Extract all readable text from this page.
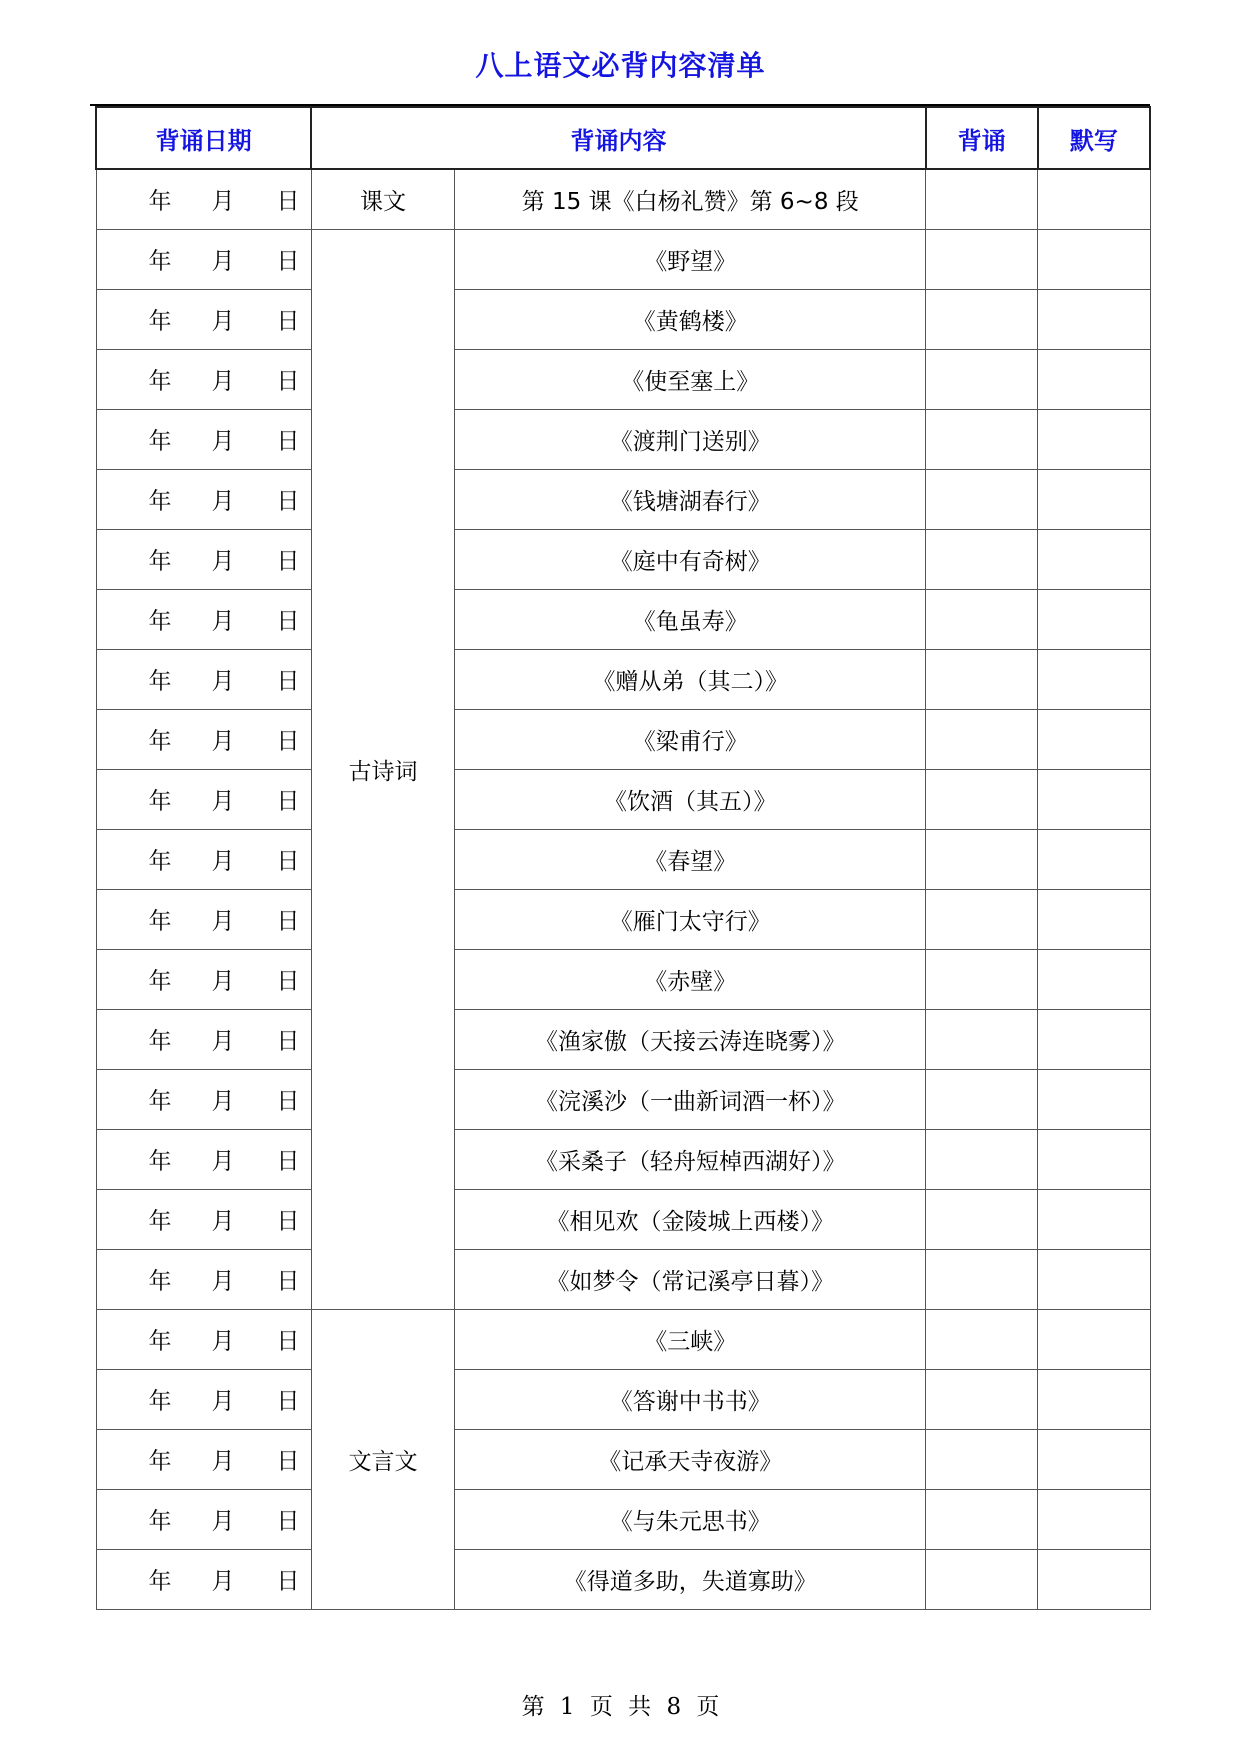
八上语文必背内容清单
背诵日期	背诵内容		背诵	默写

年 月 日	课文	第 15 课《白杨礼赞》第 6~8 段		

年 月 日	古诗词	《野望》		

年 月 日		《黄鹤楼》		

年 月 日		《使至塞上》		

年 月 日		《渡荆门送别》		

年 月 日		《钱塘湖春行》		

年 月 日		《庭中有奇树》		

年 月 日		《龟虽寿》		

年 月 日		《赠从弟（其二）》		

年 月 日		《梁甫行》		

年 月 日		《饮酒（其五）》		

年 月 日		《春望》		

年 月 日		《雁门太守行》		

年 月 日		《赤壁》		

年 月 日		《渔家傲（天接云涛连晓雾）》		

年 月 日		《浣溪沙（一曲新词酒一杯）》		

年 月 日		《采桑子（轻舟短棹西湖好）》		

年 月 日		《相见欢（金陵城上西楼）》		

年 月 日		《如梦令（常记溪亭日暮）》		

年 月 日	文言文	《三峡》		

年 月 日		《答谢中书书》		

年 月 日		《记承天寺夜游》		

年 月 日		《与朱元思书》		

年 月 日		《得道多助，失道寡助》		
第 1 页 共 8 页
